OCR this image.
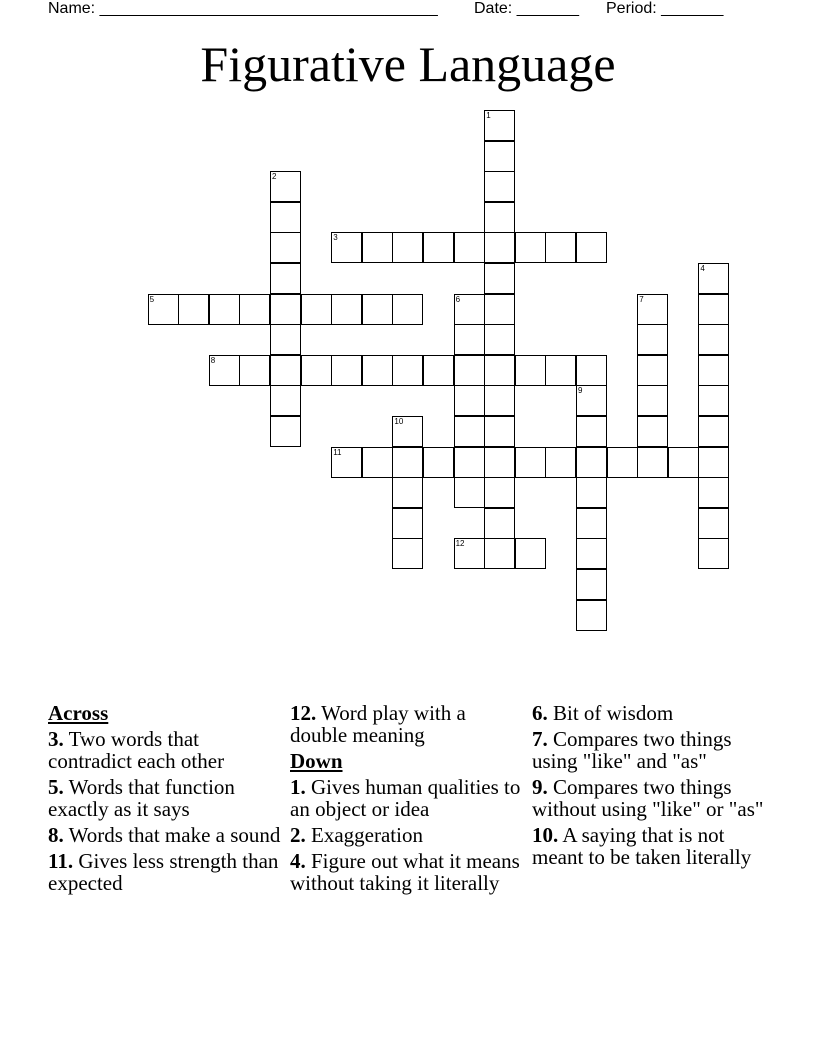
Name: ______________________________________ Date: _______ Period: _______
Figurative Language
1
2
3
4
5	6	7
8
9
10
11
12
Across
3. Two words that contradict each other
5. Words that function exactly as it says
8. Words that make a sound
11. Gives less strength than expected
12. Word play with a double meaning
Down
1. Gives human qualities to an object or idea
2. Exaggeration
4. Figure out what it means without taking it literally
6. Bit of wisdom
7. Compares two things using "like" and "as"
9. Compares two things without using "like" or "as"
10. A saying that is not meant to be taken literally
